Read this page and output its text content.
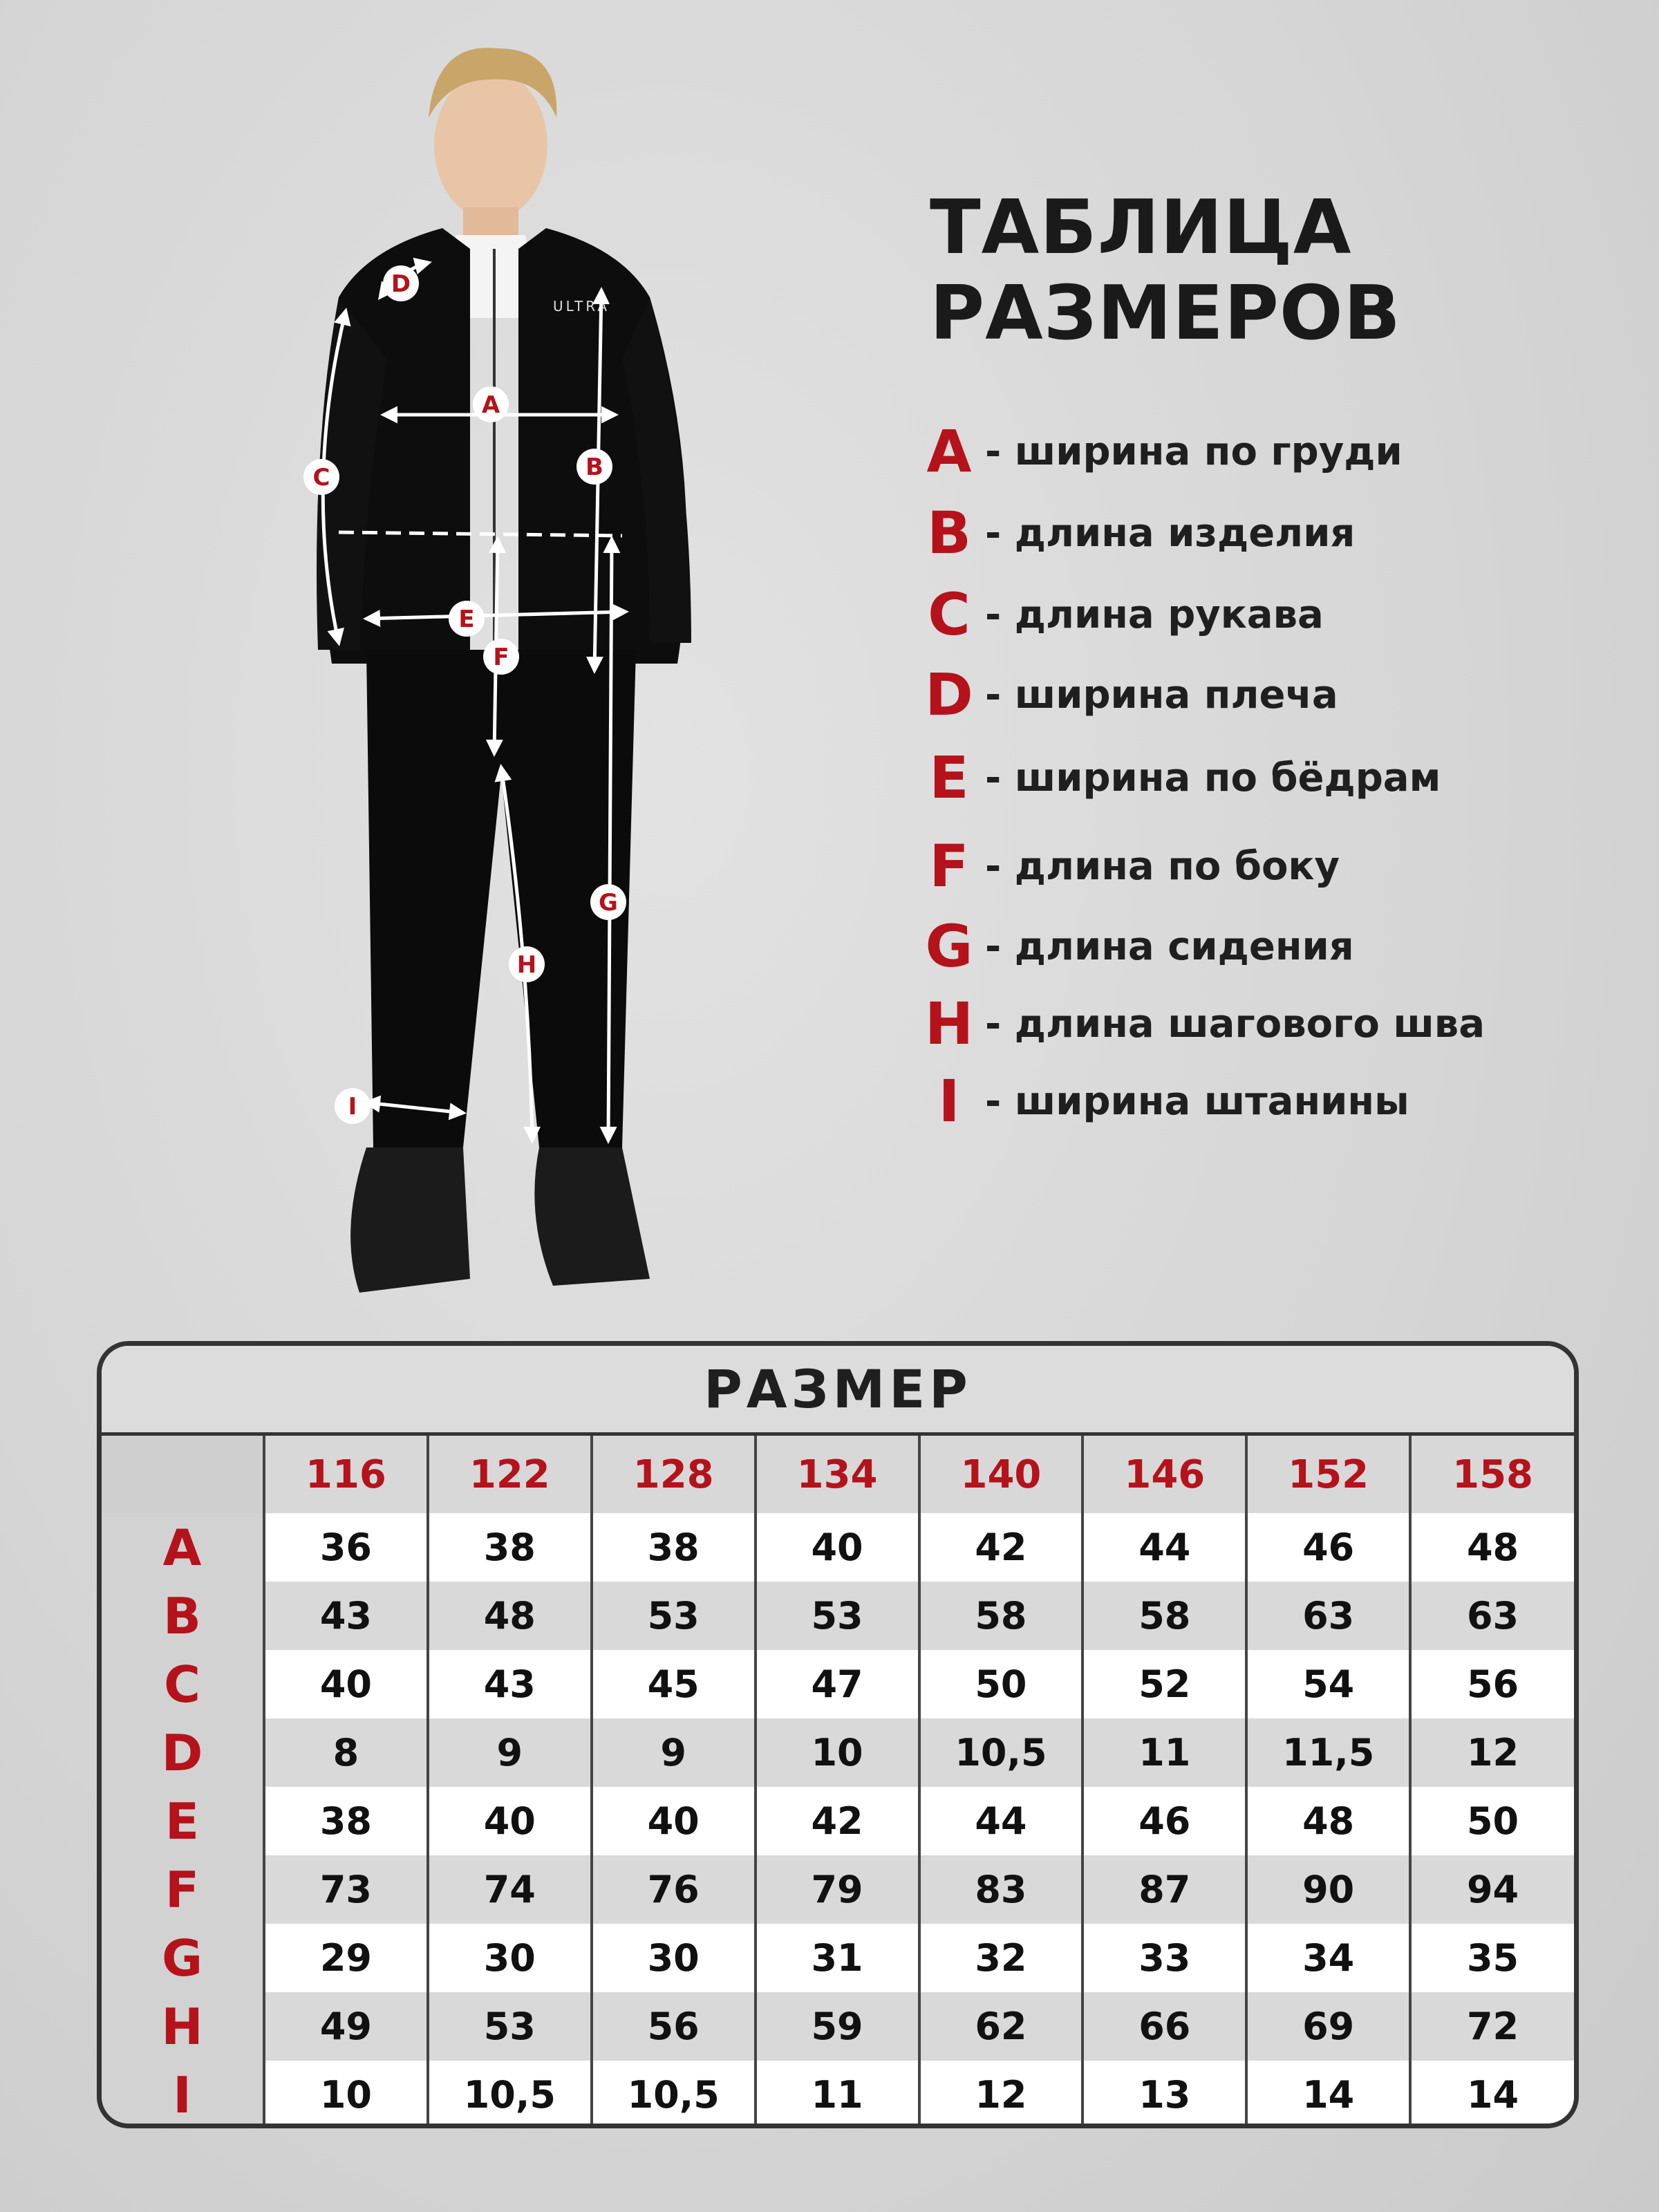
ТАБЛИЦА
РАЗМЕРОВ
A - ширина по груди
B - длина изделия
C - длина рукава
D - ширина плеча
E - ширина по бёдрам
F - длина по боку
G - длина сидения
H - длина шагового шва
I - ширина штанины
ULTRA
A
B
C
D
E
F
G
H
I
РАЗМЕР
	116	122	128	134	140	146	152	158
A	36	38	38	40	42	44	46	48
B	43	48	53	53	58	58	63	63
C	40	43	45	47	50	52	54	56
D	8	9	9	10	10,5	11	11,5	12
E	38	40	40	42	44	46	48	50
F	73	74	76	79	83	87	90	94
G	29	30	30	31	32	33	34	35
H	49	53	56	59	62	66	69	72
I	10	10,5	10,5	11	12	13	14	14
